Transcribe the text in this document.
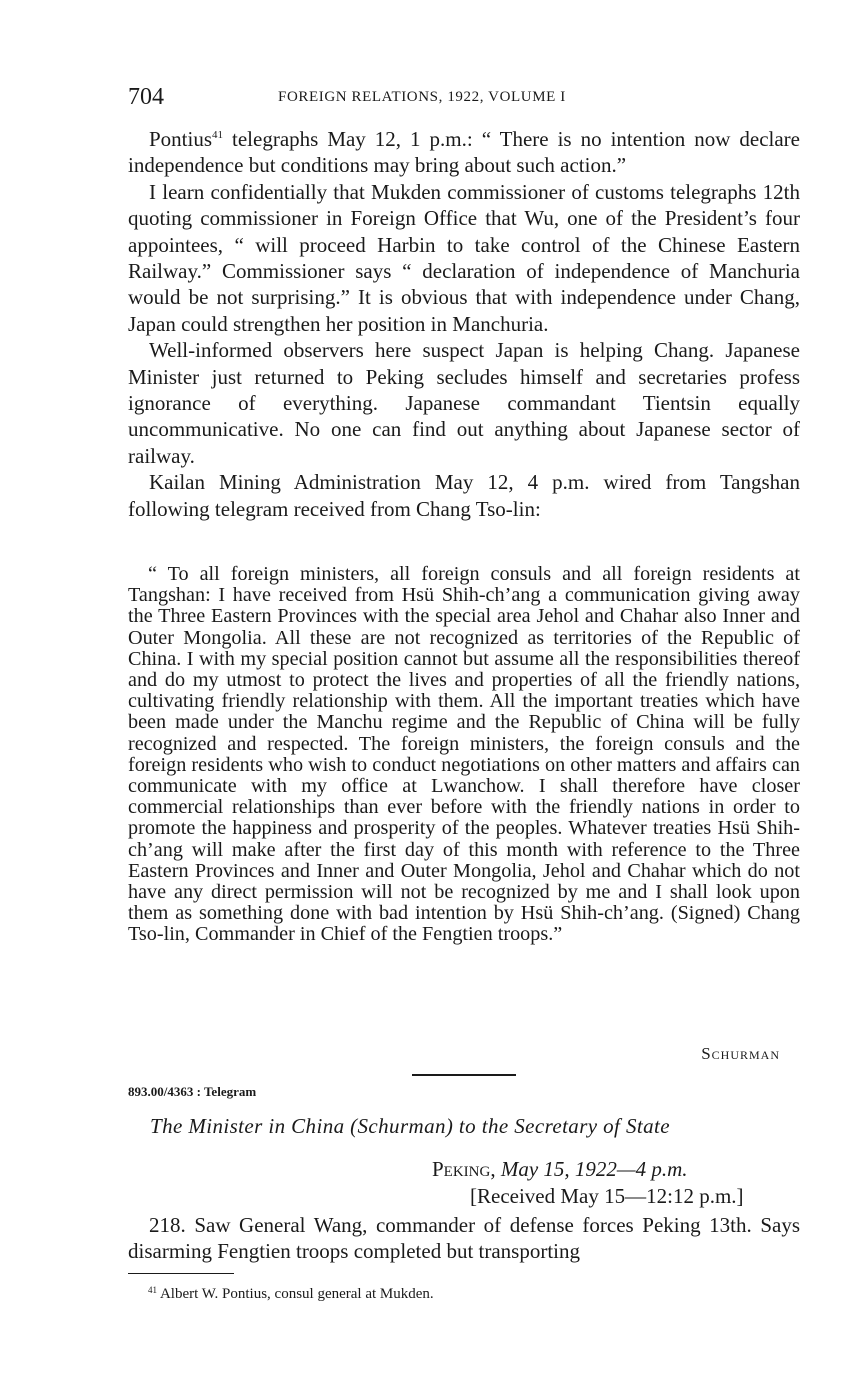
704	FOREIGN RELATIONS, 1922, VOLUME I

Pontius$^{41}$ telegraphs May 12, 1 p.m.: “ There is no intention now declare independence but conditions may bring about such action.”

I learn confidentially that Mukden commissioner of customs telegraphs 12th quoting commissioner in Foreign Office that Wu, one of the President’s four appointees, “ will proceed Harbin to take control of the Chinese Eastern Railway.” Commissioner says “ declaration of independence of Manchuria would be not surprising.” It is obvious that with independence under Chang, Japan could strengthen her position in Manchuria.

Well-informed observers here suspect Japan is helping Chang. Japanese Minister just returned to Peking secludes himself and secretaries profess ignorance of everything. Japanese commandant Tientsin equally uncommunicative. No one can find out anything about Japanese sector of railway.

Kailan Mining Administration May 12, 4 p.m. wired from Tangshan following telegram received from Chang Tso-lin:

“ To all foreign ministers, all foreign consuls and all foreign residents at Tangshan: I have received from Hsü Shih-ch’ang a communication giving away the Three Eastern Provinces with the special area Jehol and Chahar also Inner and Outer Mongolia. All these are not recognized as territories of the Republic of China. I with my special position cannot but assume all the responsibilities thereof and do my utmost to protect the lives and properties of all the friendly nations, cultivating friendly relationship with them. All the important treaties which have been made under the Manchu regime and the Republic of China will be fully recognized and respected. The foreign ministers, the foreign consuls and the foreign residents who wish to conduct negotiations on other matters and affairs can communicate with my office at Lwanchow. I shall therefore have closer commercial relationships than ever before with the friendly nations in order to promote the happiness and prosperity of the peoples. Whatever treaties Hsü Shih-ch’ang will make after the first day of this month with reference to the Three Eastern Provinces and Inner and Outer Mongolia, Jehol and Chahar which do not have any direct permission will not be recognized by me and I shall look upon them as something done with bad intention by Hsü Shih-ch’ang. (Signed) Chang Tso-lin, Commander in Chief of the Fengtien troops.”

Schurman
893.00/4363 : Telegram
The Minister in China (Schurman) to the Secretary of State
Peking, May 15, 1922—4 p.m.
[Received May 15—12:12 p.m.]

218. Saw General Wang, commander of defense forces Peking 13th. Says disarming Fengtien troops completed but transporting

$^{41}$ Albert W. Pontius, consul general at Mukden.
